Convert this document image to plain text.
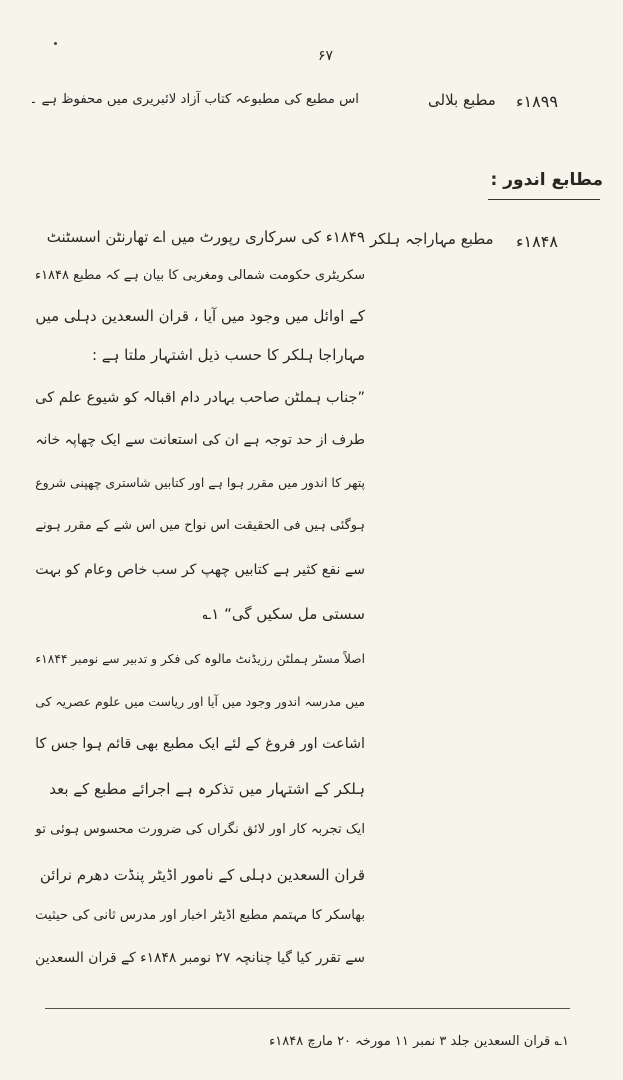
۶۷
۱۸۹۹ء
مطبع بلالی
اس مطبع کی مطبوعہ کتاب آزاد لائبریری میں محفوظ ہے ۔
مطابع اندور :
۱۸۴۸ء
مطبع مہاراجہ ہلکر
۱۸۴۹ء کی سرکاری رپورٹ میں اے تھارنٹن اسسٹنٹ
سکریٹری حکومت شمالی ومغربی کا بیان ہے کہ مطبع ۱۸۴۸ء
کے اوائل میں وجود میں آیا ، قران السعدین دہلی میں
مہاراجا ہلکر کا حسب ذیل اشتہار ملتا ہے :
”جناب ہملٹن صاحب بہادر دام اقبالہ کو شیوع علم کی
طرف از حد توجہ ہے ان کی استعانت سے ایک چھاپہ خانہ
پتھر کا اندور میں مقرر ہوا ہے اور کتابیں شاستری چھپنی شروع
ہوگئی ہیں فی الحقیقت اس نواح میں اس شے کے مقرر ہونے
سے نفع کثیر ہے کتابیں چھپ کر سب خاص وعام کو بہت
سستی مل سکیں گی“ ۱؎
اصلاً مسٹر ہملٹن رزیڈنٹ مالوہ کی فکر و تدبیر سے نومبر ۱۸۴۴ء
میں مدرسہ اندور وجود میں آیا اور ریاست میں علوم عصریہ کی
اشاعت اور فروغ کے لئے ایک مطبع بھی قائم ہوا جس کا
ہلکر کے اشتہار میں تذکرہ ہے اجرائے مطبع کے بعد
ایک تجربہ کار اور لائق نگراں کی ضرورت محسوس ہوئی تو
قران السعدین دہلی کے نامور اڈیٹر پنڈت دھرم نرائن
بھاسکر کا مہتمم مطبع اڈیٹر اخبار اور مدرس ثانی کی حیثیت
سے تقرر کیا گیا چنانچہ ۲۷ نومبر ۱۸۴۸ء کے قران السعدین
۱؎ قران السعدین جلد ۳ نمبر ۱۱ مورخہ ۲۰ مارچ ۱۸۴۸ء
